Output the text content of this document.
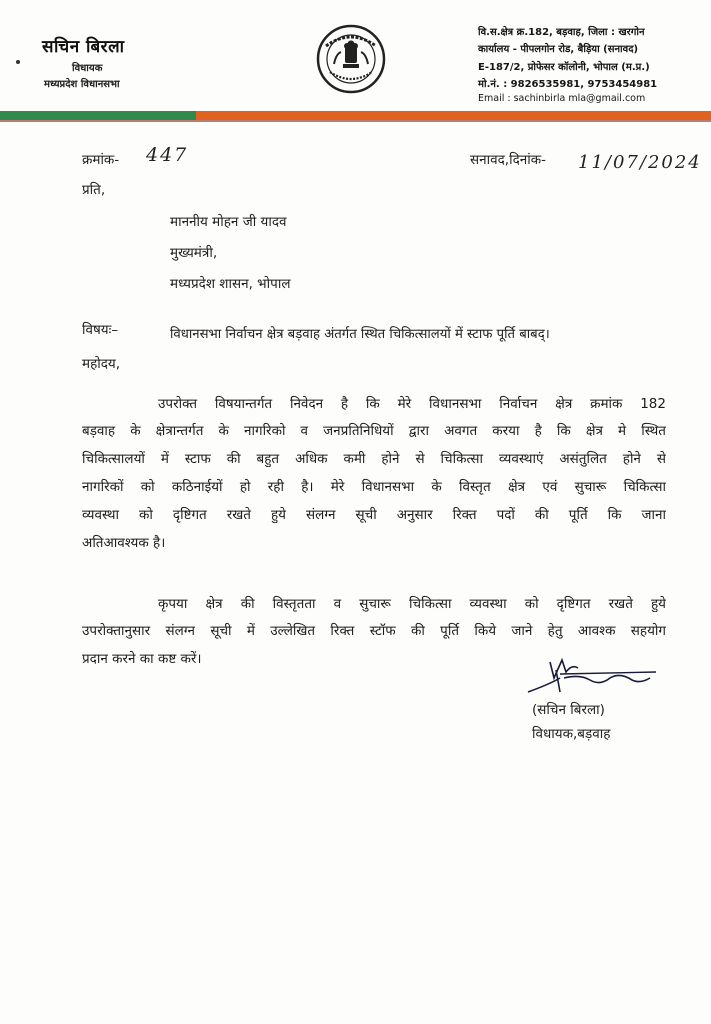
सचिन बिरला
विधायक
मध्यप्रदेश विधानसभा
वि.स.क्षेत्र क्र.182, बड़वाह, जिला : खरगोन
कार्यालय - पीपलगोन रोड, बैड़िया (सनावद)
E-187/2, प्रोफेसर कॉलोनी, भोपाल (म.प्र.)
मो.नं. : 9826535981, 9753454981
Email : sachinbirla mla@gmail.com
क्रमांक- 447	सनावद,दिनांक- 11/07/2024
प्रति,
माननीय मोहन जी यादव
मुख्यमंत्री,
मध्यप्रदेश शासन, भोपाल
विषयः–	विधानसभा निर्वाचन क्षेत्र बड़वाह अंतर्गत स्थित चिकित्सालयों में स्टाफ पूर्ति बाबद्।
महोदय,
उपरोक्त विषयान्तर्गत निवेदन है कि मेरे विधानसभा निर्वाचन क्षेत्र क्रमांक 182
बड़वाह के क्षेत्रान्तर्गत के नागरिको व जनप्रतिनिधियों द्वारा अवगत करया है कि क्षेत्र मे स्थित
चिकित्सालयों में स्टाफ की बहुत अधिक कमी होने से चिकित्सा व्यवस्थाएं असंतुलित होने से
नागरिकों को कठिनाईयों हो रही है। मेरे विधानसभा के विस्तृत क्षेत्र एवं सुचारू चिकित्सा
व्यवस्था को दृष्टिगत रखते हुये संलग्न सूची अनुसार रिक्त पदों की पूर्ति कि जाना
अतिआवश्यक है।
कृपया क्षेत्र की विस्तृतता व सुचारू चिकित्सा व्यवस्था को दृष्टिगत रखते हुये
उपरोक्तानुसार संलग्न सूची में उल्लेखित रिक्त स्टॉफ की पूर्ति किये जाने हेतु आवश्क सहयोग
प्रदान करने का कष्ट करें।
(सचिन बिरला)
विधायक,बड़वाह
